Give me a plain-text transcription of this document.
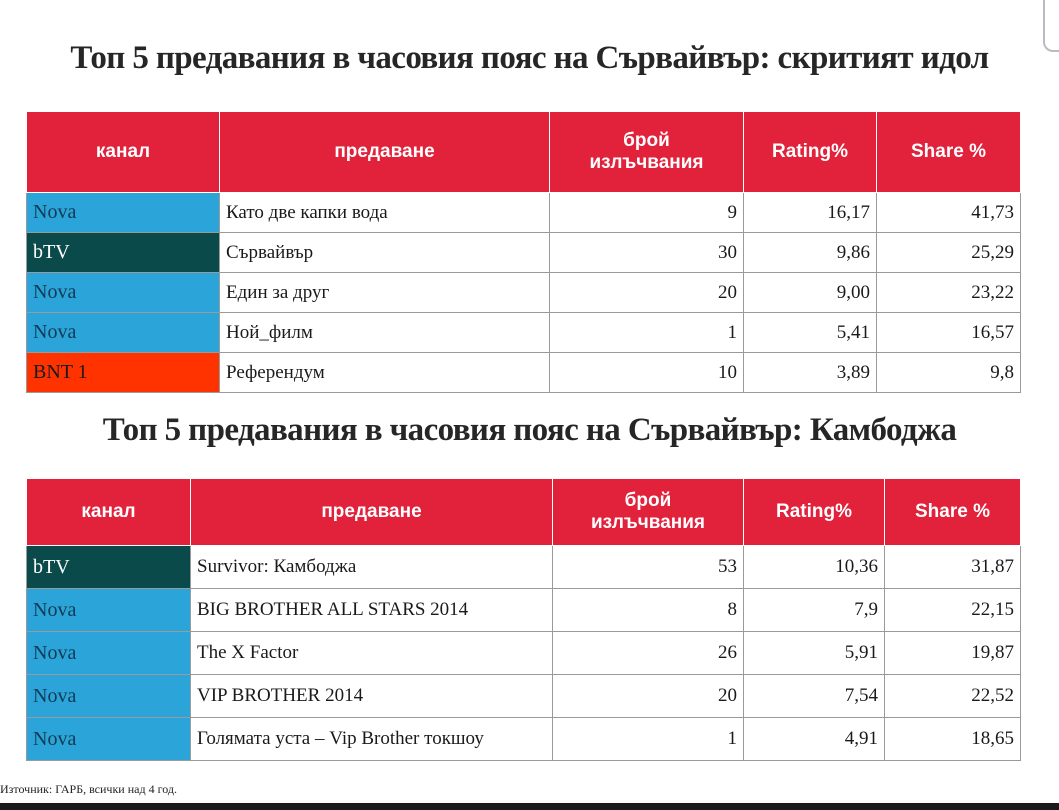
Топ 5 предавания в часовия пояс на Сървайвър: скритият идол
канал	предаване	брой излъчвания	Rating%	Share %
Nova	Като две капки вода	9	16,17	41,73
bTV	Сървайвър	30	9,86	25,29
Nova	Един за друг	20	9,00	23,22
Nova	Ной_филм	1	5,41	16,57
BNT 1	Референдум	10	3,89	9,8
Топ 5 предавания в часовия пояс на Сървайвър: Камбоджа
канал	предаване	брой излъчвания	Rating%	Share %
bTV	Survivor: Камбоджа	53	10,36	31,87
Nova	BIG BROTHER ALL STARS 2014	8	7,9	22,15
Nova	The X Factor	26	5,91	19,87
Nova	VIP BROTHER 2014	20	7,54	22,52
Nova	Голямата уста – Vip Brother токшоу	1	4,91	18,65
Източник: ГАРБ, всички над 4 год.
